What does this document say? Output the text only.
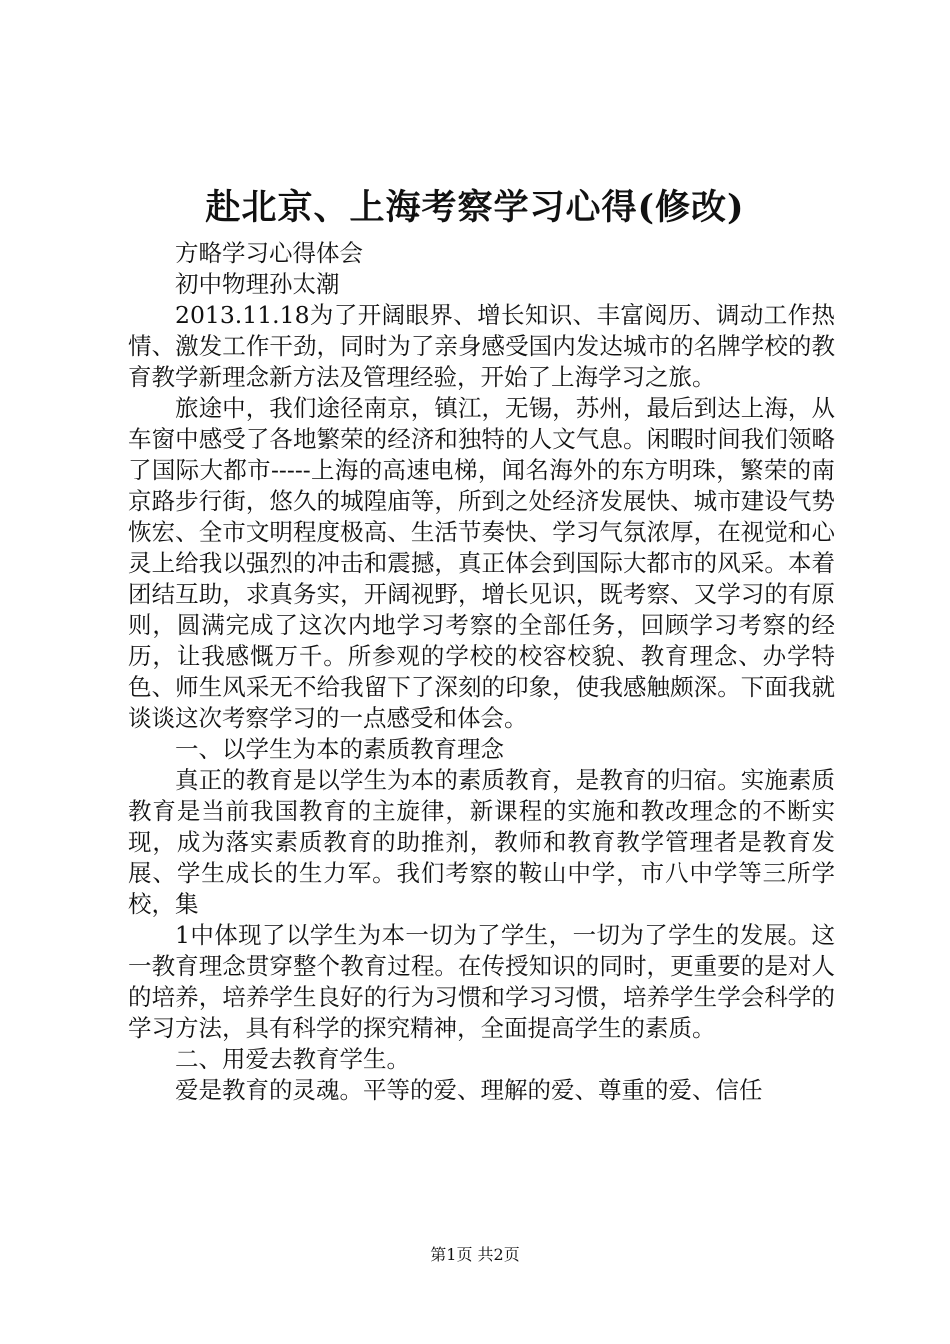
赴北京、上海考察学习心得(修改)

方略学习心得体会

初中物理孙太潮

2013.11.18为了开阔眼界、增长知识、丰富阅历、调动工作热情、激发工作干劲，同时为了亲身感受国内发达城市的名牌学校的教育教学新理念新方法及管理经验，开始了上海学习之旅。

旅途中，我们途径南京，镇江，无锡，苏州，最后到达上海，从车窗中感受了各地繁荣的经济和独特的人文气息。闲暇时间我们领略了国际大都市-----上海的高速电梯，闻名海外的东方明珠，繁荣的南京路步行街，悠久的城隍庙等，所到之处经济发展快、城市建设气势恢宏、全市文明程度极高、生活节奏快、学习气氛浓厚，在视觉和心灵上给我以强烈的冲击和震撼，真正体会到国际大都市的风采。本着团结互助，求真务实，开阔视野，增长见识，既考察、又学习的有原则，圆满完成了这次内地学习考察的全部任务，回顾学习考察的经历，让我感慨万千。所参观的学校的校容校貌、教育理念、办学特色、师生风采无不给我留下了深刻的印象，使我感触颇深。下面我就谈谈这次考察学习的一点感受和体会。

一、以学生为本的素质教育理念

真正的教育是以学生为本的素质教育，是教育的归宿。实施素质教育是当前我国教育的主旋律，新课程的实施和教改理念的不断实现，成为落实素质教育的助推剂，教师和教育教学管理者是教育发展、学生成长的生力军。我们考察的鞍山中学，市八中学等三所学校，集

1中体现了以学生为本一切为了学生，一切为了学生的发展。这一教育理念贯穿整个教育过程。在传授知识的同时，更重要的是对人的培养，培养学生良好的行为习惯和学习习惯，培养学生学会科学的学习方法，具有科学的探究精神，全面提高学生的素质。

二、用爱去教育学生。

爱是教育的灵魂。平等的爱、理解的爱、尊重的爱、信任

第1页 共2页
